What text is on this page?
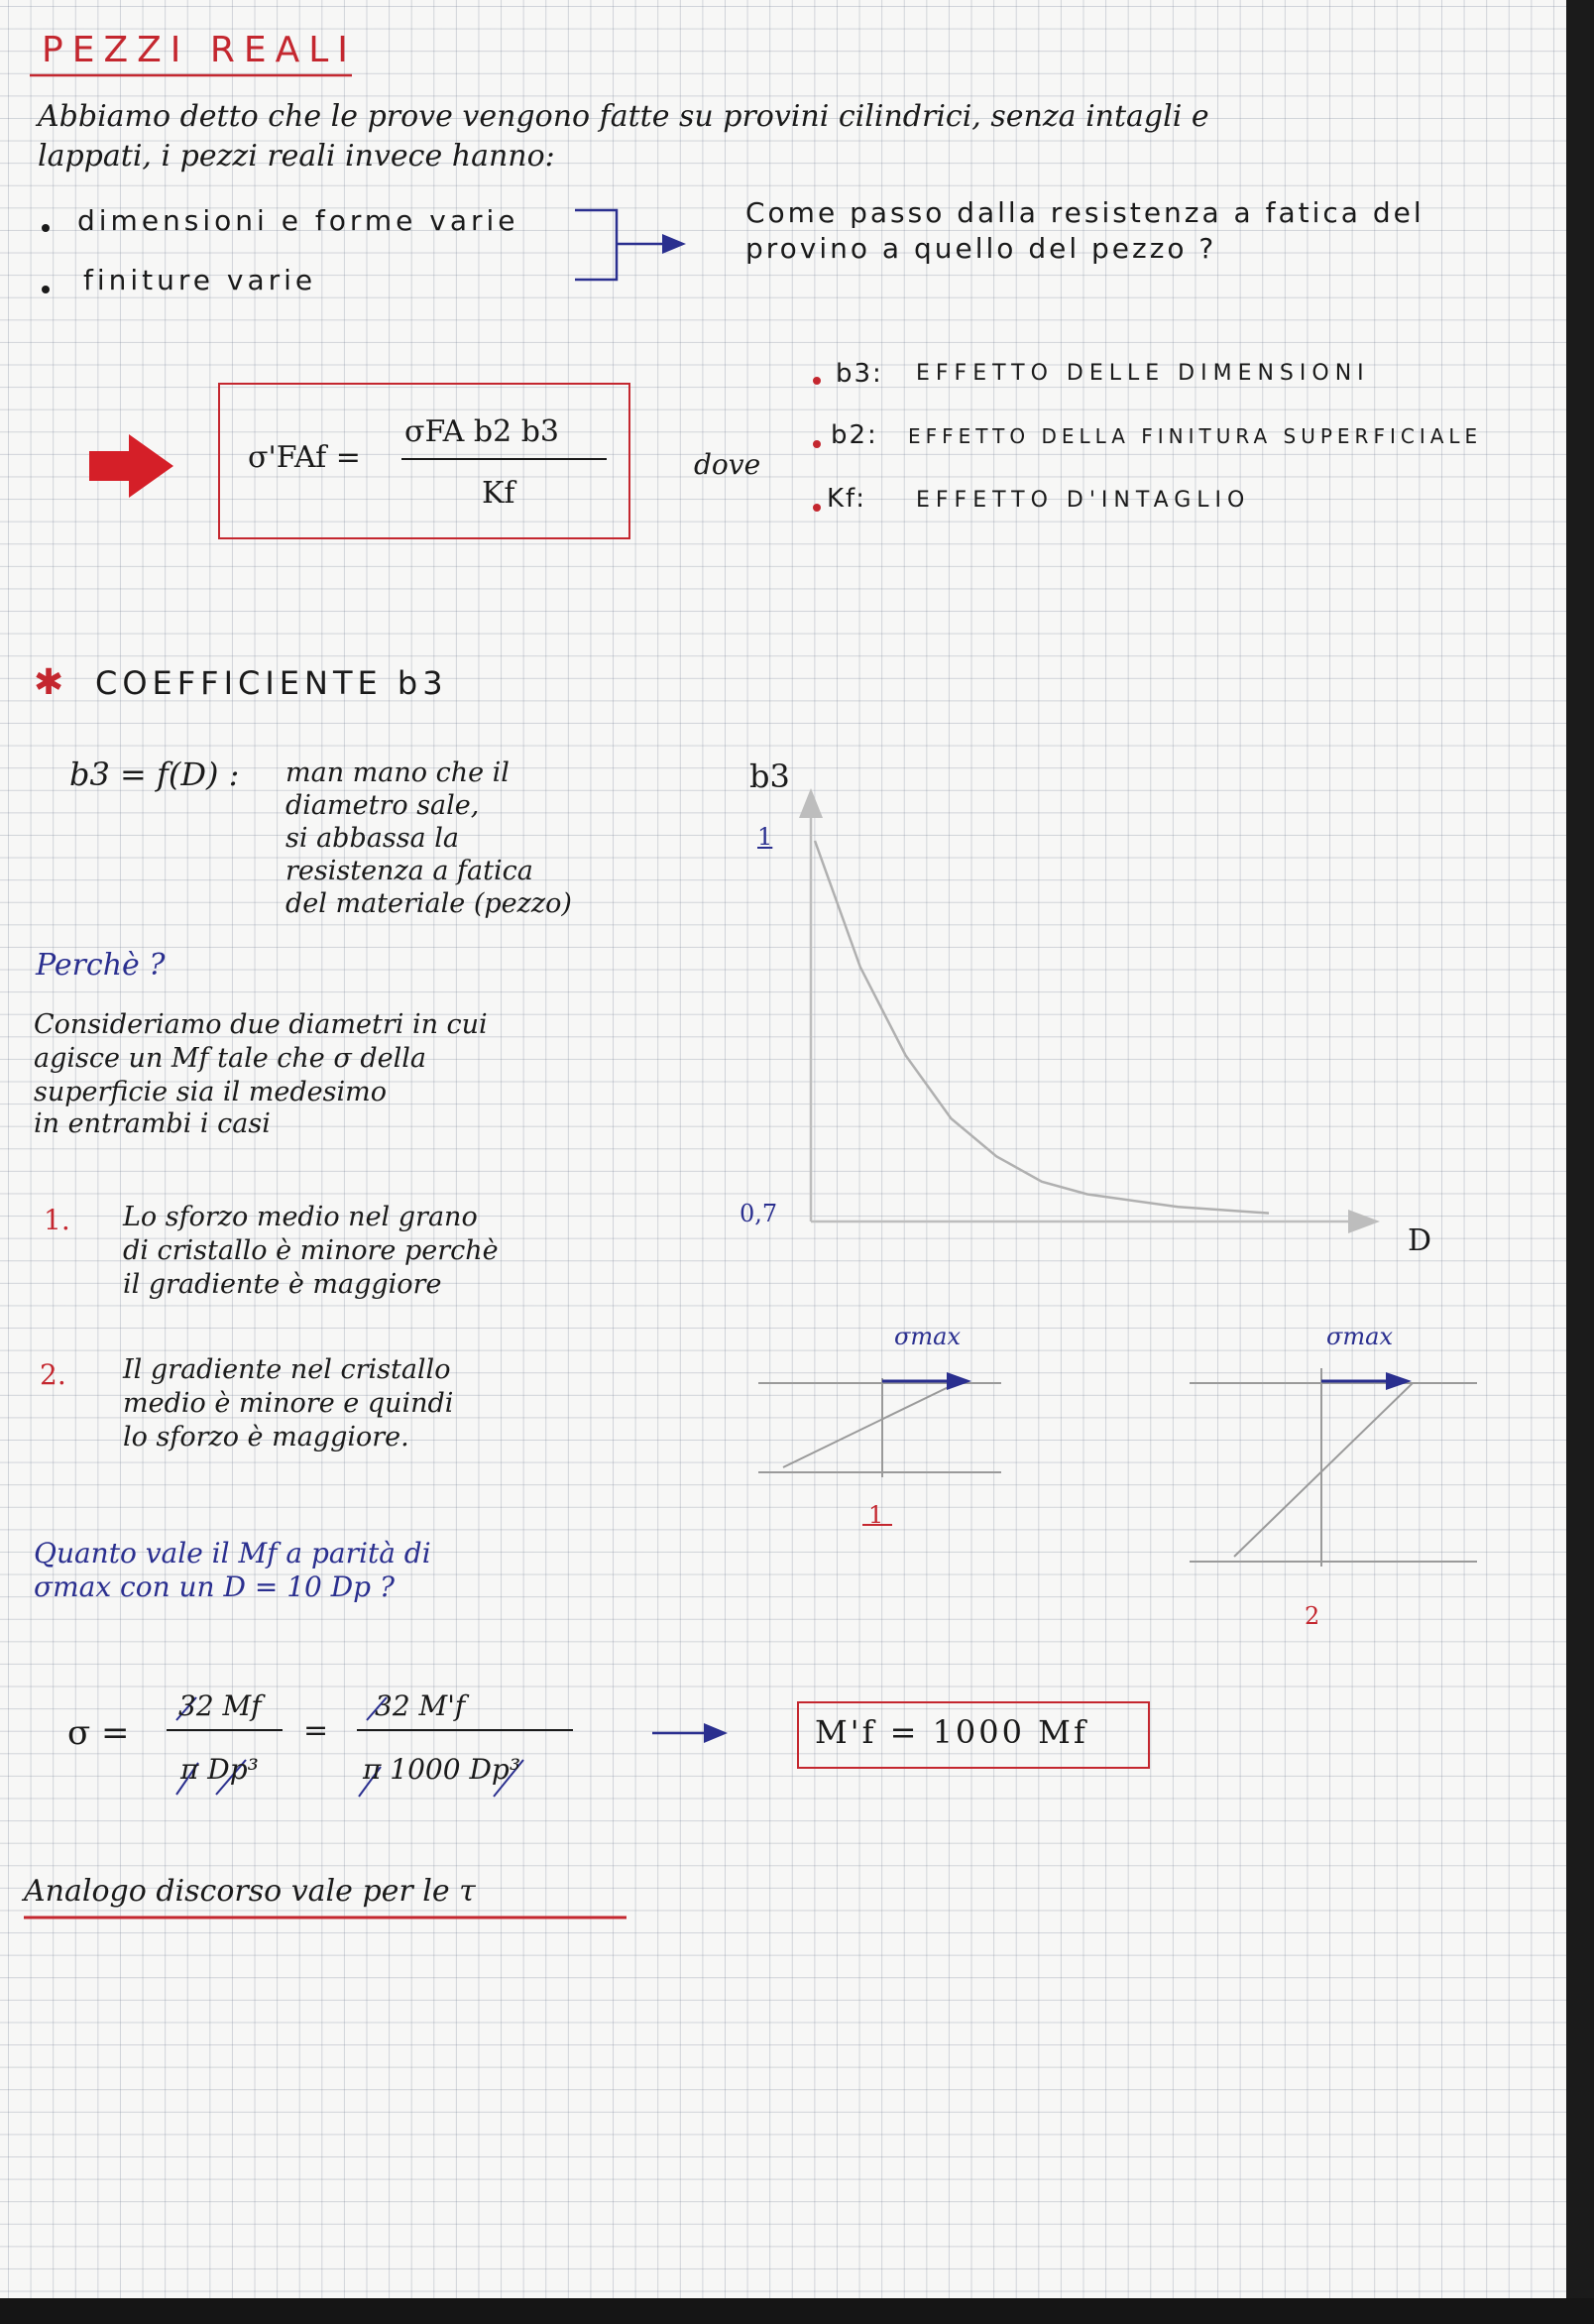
PEZZI REALI
Abbiamo detto che le prove vengono fatte su provini cilindrici, senza intagli e
lappati, i pezzi reali invece hanno:
dimensioni e forme varie
finiture varie
Come passo dalla resistenza a fatica del
provino a quello del pezzo ?
σ'FAf =
σFA b2 b3
Kf
dove
b3: EFFETTO DELLE DIMENSIONI
b2: EFFETTO DELLA FINITURA SUPERFICIALE
Kf: EFFETTO D'INTAGLIO
✱ COEFFICIENTE b3
b3 = f(D) : man mano che il
diametro sale,
si abbassa la
resistenza a fatica
del materiale (pezzo)
Perchè ?
Consideriamo due diametri in cui
agisce un Mf tale che σ della
superficie sia il medesimo
in entrambi i casi
1. Lo sforzo medio nel grano
di cristallo è minore perchè
il gradiente è maggiore
2. Il gradiente nel cristallo
medio è minore e quindi
lo sforzo è maggiore.
b3
1
0,7
D
σmax	σmax
1
2
Quanto vale il Mf a parità di
σmax con un D = 10 Dp ?
σ =
32 Mf
π Dp³
=
32 M'f
π 1000 Dp³
M'f = 1000 Mf
Analogo discorso vale per le τ
